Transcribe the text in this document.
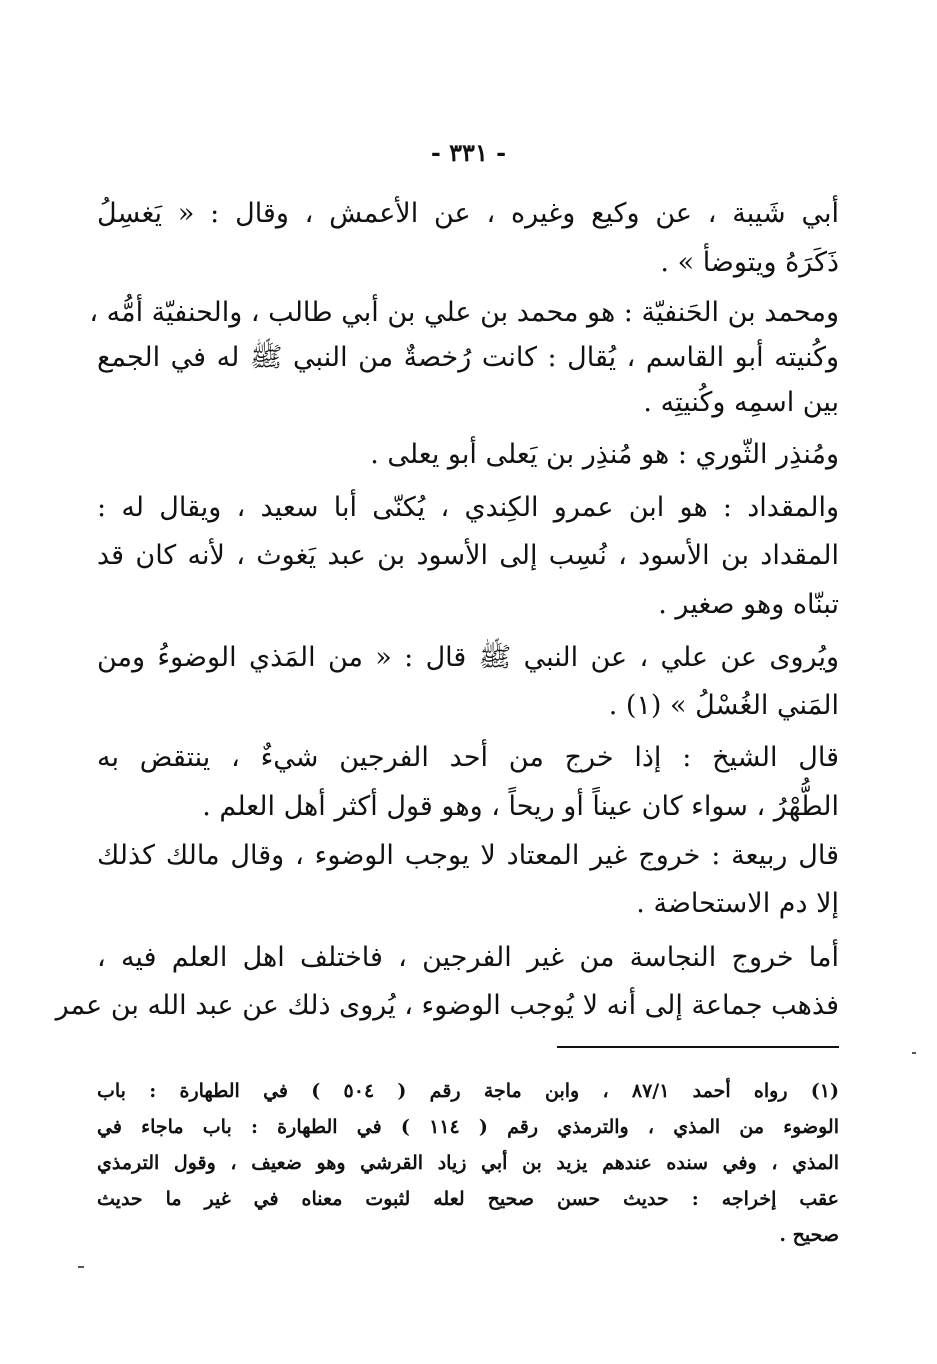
- ٣٣١ -
أبي شَيبة ، عن وكيع وغيره ، عن الأعمش ، وقال : « يَغسِلُ
ذَكَرَهُ ويتوضأ » .
ومحمد بن الحَنفيّة : هو محمد بن علي بن أبي طالب ، والحنفيّة أمُّه ،
وكُنيته أبو القاسم ، يُقال : كانت رُخصةٌ من النبي ﷺ له في الجمع
بين اسمِه وكُنيتِه .
ومُنذِر الثّوري : هو مُنذِر بن يَعلى أبو يعلى .
والمقداد : هو ابن عمرو الكِندي ، يُكنّى أبا سعيد ، ويقال له :
المقداد بن الأسود ، نُسِب إلى الأسود بن عبد يَغوث ، لأنه كان قد
تبنّاه وهو صغير .
ويُروى عن علي ، عن النبي ﷺ قال : « من المَذي الوضوءُ ومن
المَني الغُسْلُ » (١) .
قال الشيخ : إذا خرج من أحد الفرجين شيءٌ ، ينتقض به
الطُّهْرُ ، سواء كان عيناً أو ريحاً ، وهو قول أكثر أهل العلم .
قال ربيعة : خروج غير المعتاد لا يوجب الوضوء ، وقال مالك كذلك
إلا دم الاستحاضة .
أما خروج النجاسة من غير الفرجين ، فاختلف اهل العلم فيه ،
فذهب جماعة إلى أنه لا يُوجب الوضوء ، يُروى ذلك عن عبد الله بن عمر
(١) رواه أحمد ٨٧/١ ، وابن ماجة رقم ( ٥٠٤ ) في الطهارة : باب
الوضوء من المذي ، والترمذي رقم ( ١١٤ ) في الطهارة : باب ماجاء في
المذي ، وفي سنده عندهم يزيد بن أبي زياد القرشي وهو ضعيف ، وقول الترمذي
عقب إخراجه : حديث حسن صحيح لعله لثبوت معناه في غير ما حديث
صحيح .
